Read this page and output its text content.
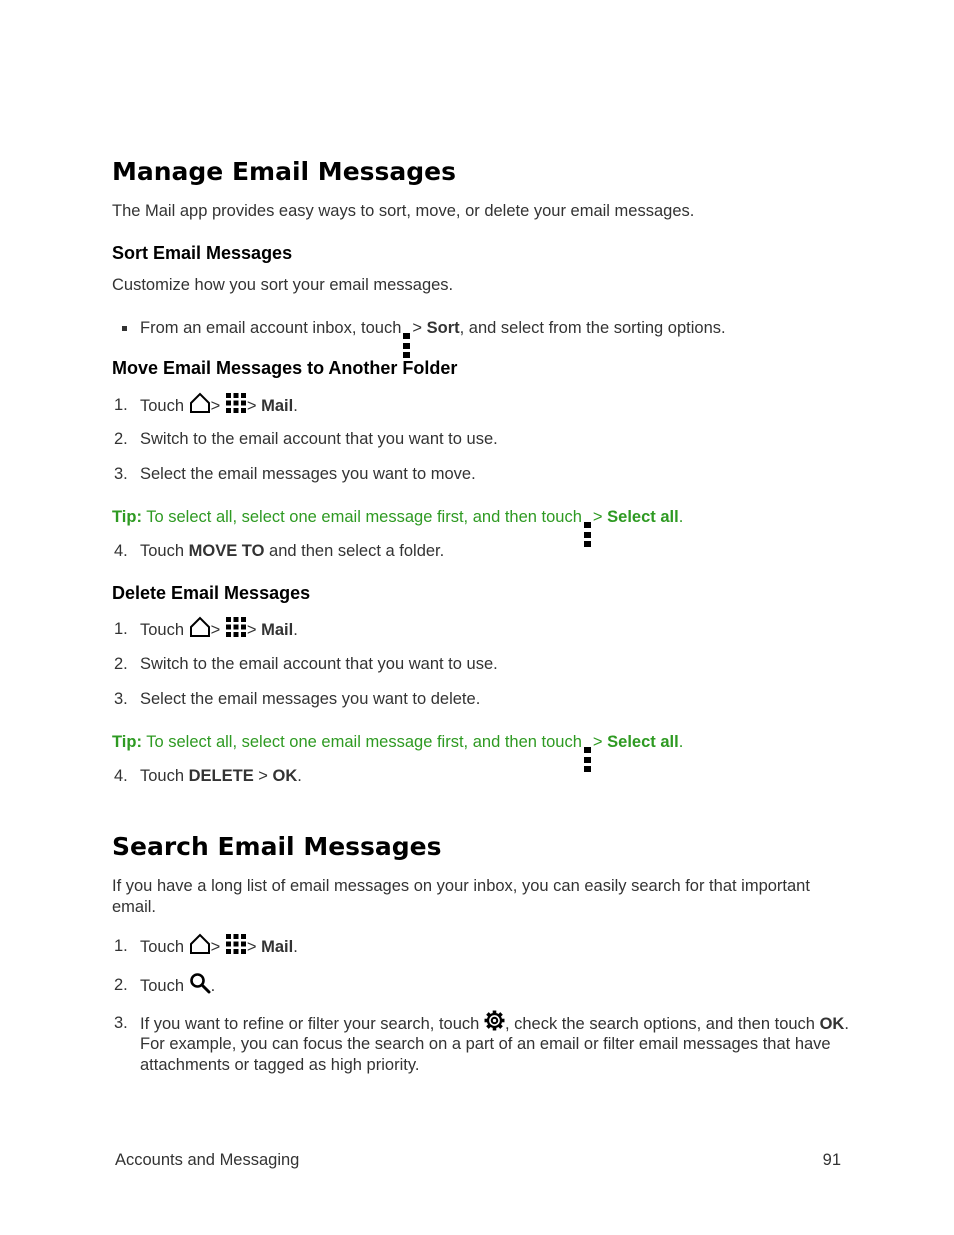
Manage Email Messages
The Mail app provides easy ways to sort, move, or delete your email messages.
Sort Email Messages
Customize how you sort your email messages.
From an email account inbox, touch > Sort, and select from the sorting options.
Move Email Messages to Another Folder
1. Touch > > Mail.
2. Switch to the email account that you want to use.
3. Select the email messages you want to move.
Tip: To select all, select one email message first, and then touch > Select all.
4. Touch MOVE TO and then select a folder.
Delete Email Messages
1. Touch > > Mail.
2. Switch to the email account that you want to use.
3. Select the email messages you want to delete.
Tip: To select all, select one email message first, and then touch > Select all.
4. Touch DELETE > OK.
Search Email Messages
If you have a long list of email messages on your inbox, you can easily search for that important
email.
1. Touch > > Mail.
2. Touch .
3. If you want to refine or filter your search, touch , check the search options, and then touch OK.
For example, you can focus the search on a part of an email or filter email messages that have
attachments or tagged as high priority.
Accounts and Messaging	91
